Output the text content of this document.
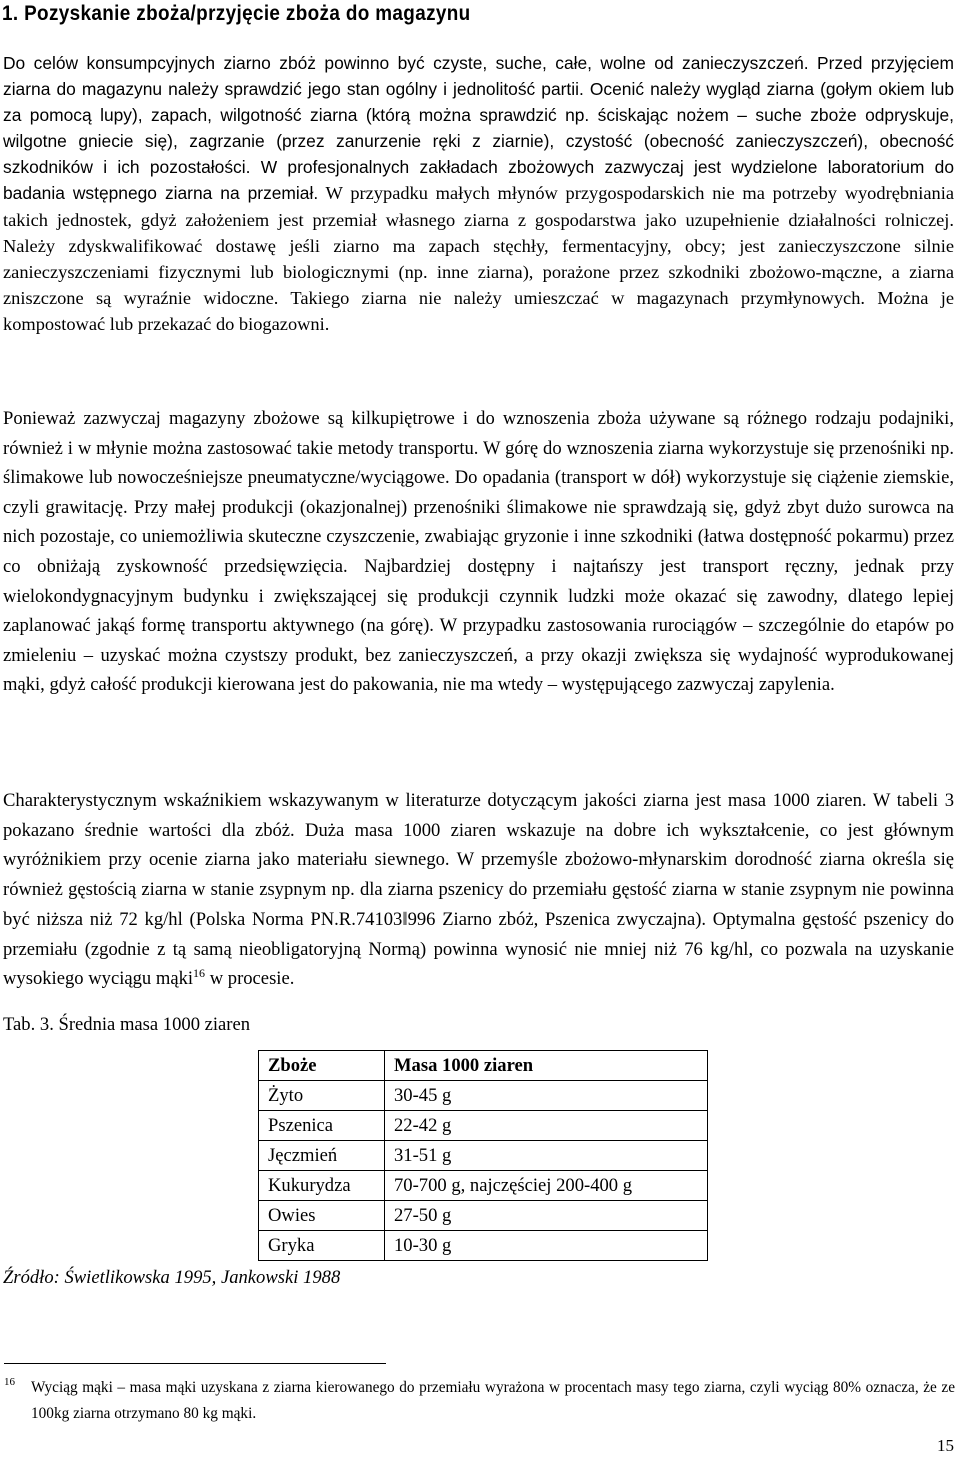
1. Pozyskanie zboża/przyjęcie zboża do magazynu

Do celów konsumpcyjnych ziarno zbóż powinno być czyste, suche, całe, wolne od zanieczyszczeń. Przed przyjęciem ziarna do magazynu należy sprawdzić jego stan ogólny i jednolitość partii. Ocenić należy wygląd ziarna (gołym okiem lub za pomocą lupy), zapach, wilgotność ziarna (którą można sprawdzić np. ściskając nożem – suche zboże odpryskuje, wilgotne gniecie się), zagrzanie (przez zanurzenie ręki z ziarnie), czystość (obecność zanieczyszczeń), obecność szkodników i ich pozostałości. W profesjonalnych zakładach zbożowych zazwyczaj jest wydzielone laboratorium do badania wstępnego ziarna na przemiał. W przypadku małych młynów przygospodarskich nie ma potrzeby wyodrębniania takich jednostek, gdyż założeniem jest przemiał własnego ziarna z gospodarstwa jako uzupełnienie działalności rolniczej. Należy zdyskwalifikować dostawę jeśli ziarno ma zapach stęchły, fermentacyjny, obcy; jest zanieczyszczone silnie zanieczyszczeniami fizycznymi lub biologicznymi (np. inne ziarna), porażone przez szkodniki zbożowo-mączne, a ziarna zniszczone są wyraźnie widoczne. Takiego ziarna nie należy umieszczać w magazynach przymłynowych. Można je kompostować lub przekazać do biogazowni.

Ponieważ zazwyczaj magazyny zbożowe są kilkupiętrowe i do wznoszenia zboża używane są różnego rodzaju podajniki, również i w młynie można zastosować takie metody transportu. W górę do wznoszenia ziarna wykorzystuje się przenośniki np. ślimakowe lub nowocześniejsze pneumatyczne/wyciągowe. Do opadania (transport w dół) wykorzystuje się ciążenie ziemskie, czyli grawitację. Przy małej produkcji (okazjonalnej) przenośniki ślimakowe nie sprawdzają się, gdyż zbyt dużo surowca na nich pozostaje, co uniemożliwia skuteczne czyszczenie, zwabiając gryzonie i inne szkodniki (łatwa dostępność pokarmu) przez co obniżają zyskowność przedsięwzięcia. Najbardziej dostępny i najtańszy jest transport ręczny, jednak przy wielokondygnacyjnym budynku i zwiększającej się produkcji czynnik ludzki może okazać się zawodny, dlatego lepiej zaplanować jakąś formę transportu aktywnego (na górę). W przypadku zastosowania rurociągów – szczególnie do etapów po zmieleniu – uzyskać można czystszy produkt, bez zanieczyszczeń, a przy okazji zwiększa się wydajność wyprodukowanej mąki, gdyż całość produkcji kierowana jest do pakowania, nie ma wtedy – występującego zazwyczaj zapylenia.

Charakterystycznym wskaźnikiem wskazywanym w literaturze dotyczącym jakości ziarna jest masa 1000 ziaren. W tabeli 3 pokazano średnie wartości dla zbóż. Duża masa 1000 ziaren wskazuje na dobre ich wykształcenie, co jest głównym wyróżnikiem przy ocenie ziarna jako materiału siewnego. W przemyśle zbożowo-młynarskim dorodność ziarna określa się również gęstością ziarna w stanie zsypnym np. dla ziarna pszenicy do przemiału gęstość ziarna w stanie zsypnym nie powinna być niższa niż 72 kg/hl (Polska Norma PN.R.74103‖996 Ziarno zbóż, Pszenica zwyczajna). Optymalna gęstość pszenicy do przemiału (zgodnie z tą samą nieobligatoryjną Normą) powinna wynosić nie mniej niż 76 kg/hl, co pozwala na uzyskanie wysokiego wyciągu mąki$^{16}$ w procesie.

Tab. 3. Średnia masa 1000 ziaren

Zboże	Masa 1000 ziaren
Żyto	30-45 g
Pszenica	22-42 g
Jęczmień	31-51 g
Kukurydza	70-700 g, najczęściej 200-400 g
Owies	27-50 g
Gryka	10-30 g

Źródło: Świetlikowska 1995, Jankowski 1988

16 Wyciąg mąki – masa mąki uzyskana z ziarna kierowanego do przemiału wyrażona w procentach masy tego ziarna, czyli wyciąg 80% oznacza, że ze 100kg ziarna otrzymano 80 kg mąki.

15
